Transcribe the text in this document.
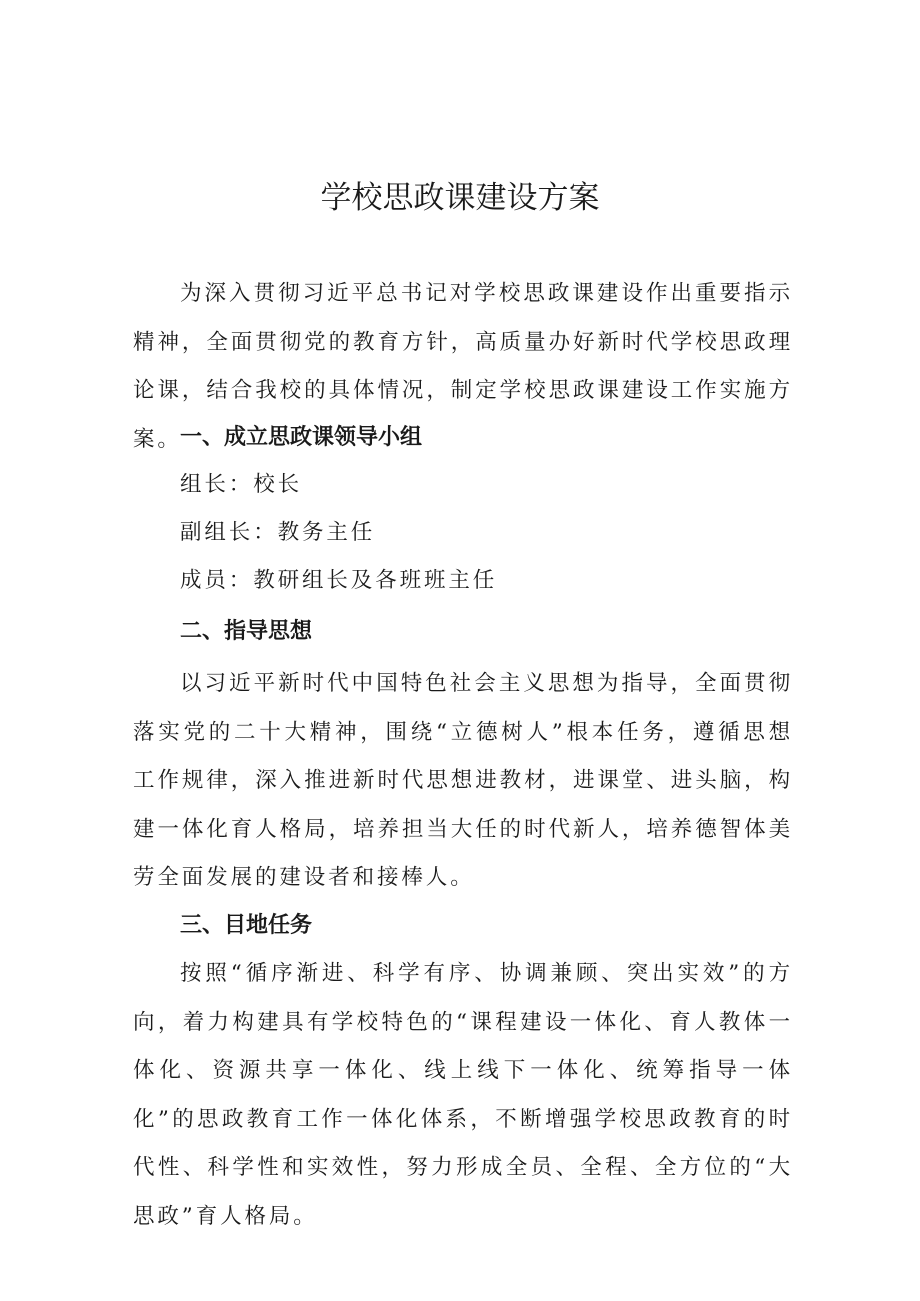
学校思政课建设方案

为深入贯彻习近平总书记对学校思政课建设作出重要指示精神，全面贯彻党的教育方针，高质量办好新时代学校思政理论课，结合我校的具体情况，制定学校思政课建设工作实施方案。

一、成立思政课领导小组

组长：校长

副组长：教务主任

成员：教研组长及各班班主任

二、指导思想

以习近平新时代中国特色社会主义思想为指导，全面贯彻落实党的二十大精神，围绕“立德树人”根本任务，遵循思想工作规律，深入推进新时代思想进教材，进课堂、进头脑，构建一体化育人格局，培养担当大任的时代新人，培养德智体美劳全面发展的建设者和接棒人。

三、目地任务

按照“循序渐进、科学有序、协调兼顾、突出实效”的方向，着力构建具有学校特色的“课程建设一体化、育人教体一体化、资源共享一体化、线上线下一体化、统筹指导一体化”的思政教育工作一体化体系，不断增强学校思政教育的时代性、科学性和实效性，努力形成全员、全程、全方位的“大思政”育人格局。
